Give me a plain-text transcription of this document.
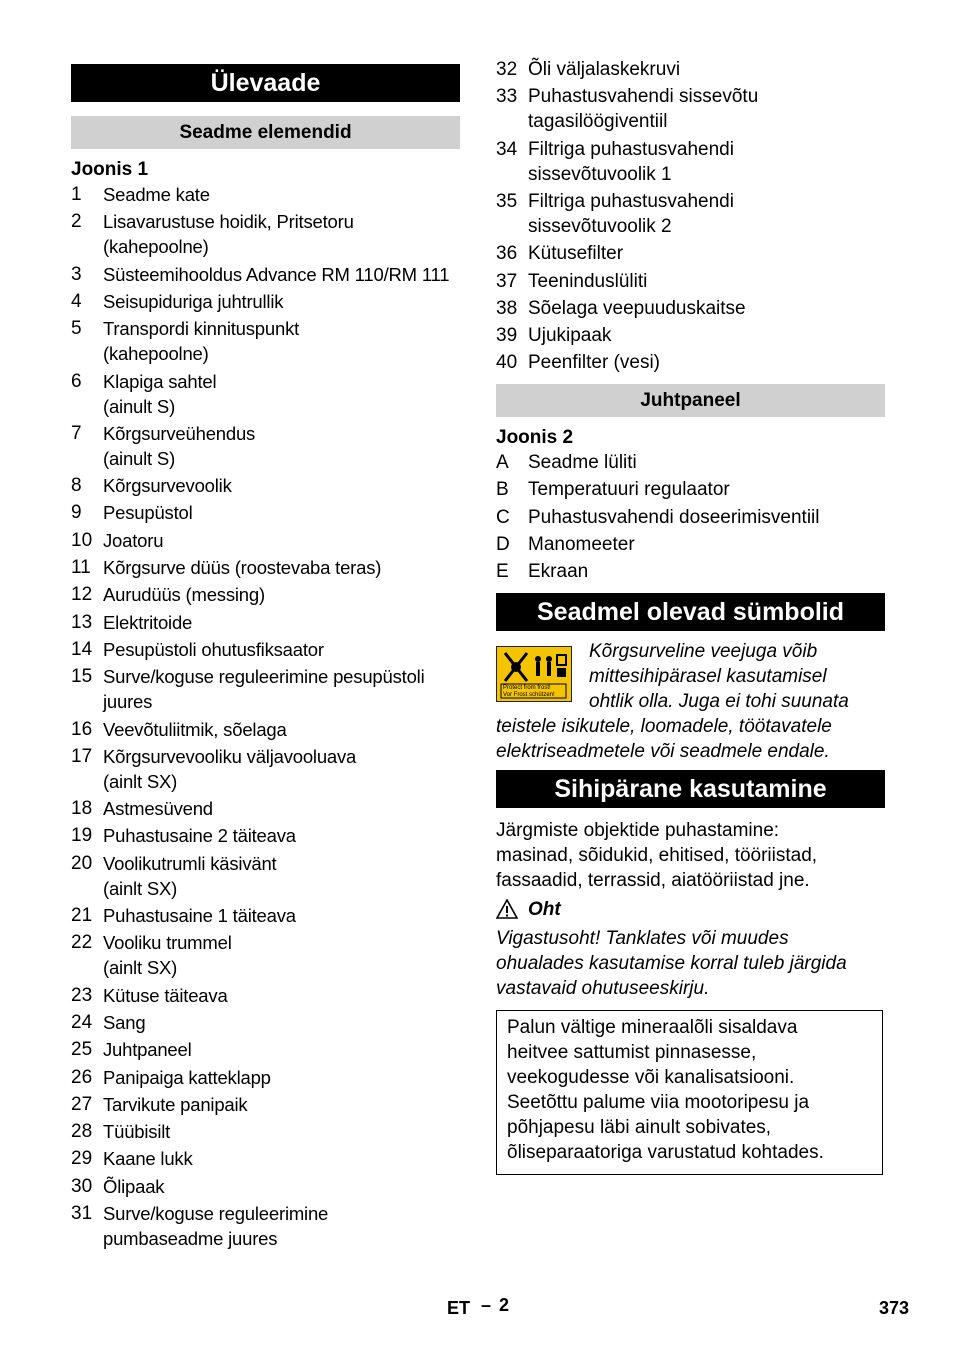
Ülevaade
Seadme elemendid
Joonis 1
1	Seadme kate
2	Lisavarustuse hoidik, Pritsetoru
(kahepoolne)
3	Süsteemihooldus Advance RM 110/RM 111
4	Seisupiduriga juhtrullik
5	Transpordi kinnituspunkt
(kahepoolne)
6	Klapiga sahtel
(ainult S)
7	Kõrgsurveühendus
(ainult S)
8	Kõrgsurvevoolik
9	Pesupüstol
10 Joatoru
11 Kõrgsurve düüs (roostevaba teras)
12 Aurudüüs (messing)
13 Elektritoide
14 Pesupüstoli ohutusfiksaator
15 Surve/koguse reguleerimine pesupüstoli
juures
16 Veevõtuliitmik, sõelaga
17 Kõrgsurvevooliku väljavooluava
(ainlt SX)
18 Astmesüvend
19 Puhastusaine 2 täiteava
20 Voolikutrumli käsivänt
(ainlt SX)
21 Puhastusaine 1 täiteava
22 Vooliku trummel
(ainlt SX)
23 Kütuse täiteava
24 Sang
25 Juhtpaneel
26 Panipaiga katteklapp
27 Tarvikute panipaik
28 Tüübisilt
29 Kaane lukk
30 Õlipaak
31 Surve/koguse reguleerimine
pumbaseadme juures
32 Õli väljalaskekruvi
33 Puhastusvahendi sissevõtu
tagasilöögiventiil
34 Filtriga puhastusvahendi
sissevõtuvoolik 1
35 Filtriga puhastusvahendi
sissevõtuvoolik 2
36 Kütusefilter
37 Teeninduslüliti
38 Sõelaga veepuuduskaitse
39 Ujukipaak
40 Peenfilter (vesi)
Juhtpaneel
Joonis 2
A	Seadme lüliti
B	Temperatuuri regulaator
C Puhastusvahendi doseerimisventiil
D Manomeeter
E	Ekraan
Seadmel olevad sümbolid
Protect from frost!
Vor Frost schützen!
Kõrgsurveline veejuga võib
mittesihipärasel kasutamisel
ohtlik olla. Juga ei tohi suunata
teistele isikutele, loomadele, töötavatele
elektriseadmetele või seadmele endale.
Sihipärane kasutamine
Järgmiste objektide puhastamine:
masinad, sõidukid, ehitised, tööriistad,
fassaadid, terrassid, aiatööriistad jne.
Oht
Vigastusoht! Tanklates või muudes
ohualades kasutamise korral tuleb järgida
vastavaid ohutuseeskirju.
Palun vältige mineraalõli sisaldava
heitvee sattumist pinnasesse,
veekogudesse või kanalisatsiooni.
Seetõttu palume viia mootoripesu ja
põhjapesu läbi ainult sobivates,
õliseparaatoriga varustatud kohtades.
ET – 2	373
